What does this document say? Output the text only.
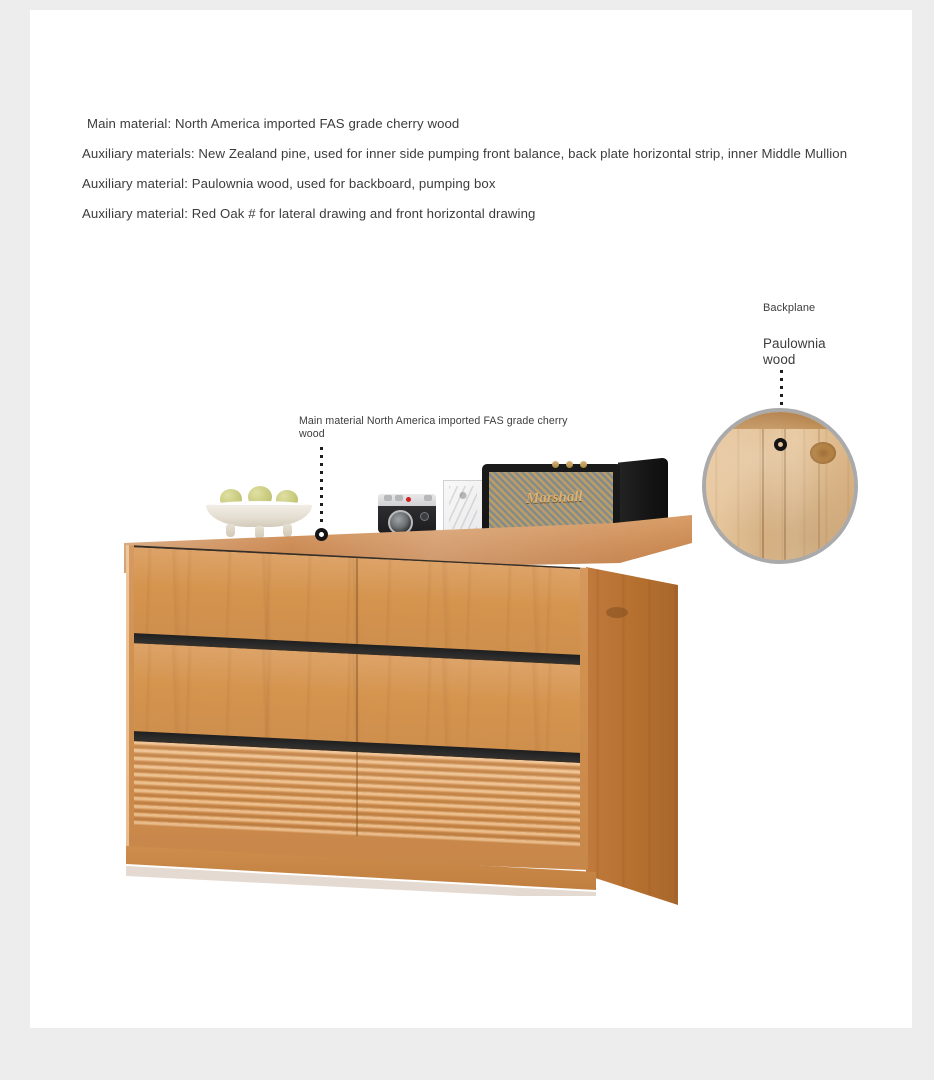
Main material: North America imported FAS grade cherry wood
Auxiliary materials: New Zealand pine, used for inner side pumping front balance, back plate horizontal strip, inner Middle Mullion
Auxiliary material: Paulownia wood, used for backboard, pumping box
Auxiliary material: Red Oak # for lateral drawing and front horizontal drawing
Backplane
Paulownia wood
Main material North America imported FAS grade cherry wood
Marshall
